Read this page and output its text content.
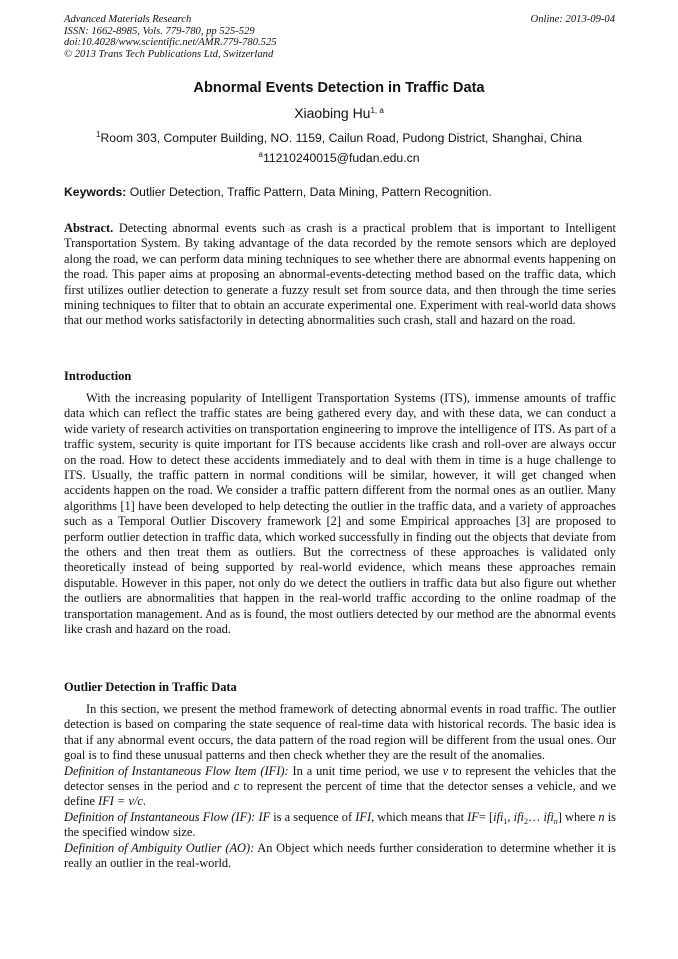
Advanced Materials Research
ISSN: 1662-8985, Vols. 779-780, pp 525-529
doi:10.4028/www.scientific.net/AMR.779-780.525
© 2013 Trans Tech Publications Ltd, Switzerland
Online: 2013-09-04
Abnormal Events Detection in Traffic Data
Xiaobing Hu$^{1, a}$
$^1$Room 303, Computer Building, NO. 1159, Cailun Road, Pudong District, Shanghai, China
$^a$11210240015@fudan.edu.cn
Keywords: Outlier Detection, Traffic Pattern, Data Mining, Pattern Recognition.

Abstract. Detecting abnormal events such as crash is a practical problem that is important to Intelligent Transportation System. By taking advantage of the data recorded by the remote sensors which are deployed along the road, we can perform data mining techniques to see whether there are abnormal events happening on the road. This paper aims at proposing an abnormal-events-detecting method based on the traffic data, which first utilizes outlier detection to generate a fuzzy result set from source data, and then through the time series mining techniques to filter that to obtain an accurate experimental one. Experiment with real-world data shows that our method works satisfactorily in detecting abnormalities such crash, stall and hazard on the road.

Introduction

With the increasing popularity of Intelligent Transportation Systems (ITS), immense amounts of traffic data which can reflect the traffic states are being gathered every day, and with these data, we can conduct a wide variety of research activities on transportation engineering to improve the intelligence of ITS. As part of a traffic system, security is quite important for ITS because accidents like crash and roll-over are always occur on the road. How to detect these accidents immediately and to deal with them in time is a huge challenge to ITS. Usually, the traffic pattern in normal conditions will be similar, however, it will get changed when accidents happen on the road. We consider a traffic pattern different from the normal ones as an outlier. Many algorithms [1] have been developed to help detecting the outlier in the traffic data, and a variety of approaches such as a Temporal Outlier Discovery framework [2] and some Empirical approaches [3] are proposed to perform outlier detection in traffic data, which worked successfully in finding out the objects that deviate from the others and then treat them as outliers. But the correctness of these approaches is validated only theoretically instead of being supported by real-world evidence, which means these approaches remain disputable. However in this paper, not only do we detect the outliers in traffic data but also figure out whether the outliers are abnormalities that happen in the real-world traffic according to the online roadmap of the transportation management. And as is found, the most outliers detected by our method are the abnormal events like crash and hazard on the road.

Outlier Detection in Traffic Data

In this section, we present the method framework of detecting abnormal events in road traffic. The outlier detection is based on comparing the state sequence of real-time data with historical records. The basic idea is that if any abnormal event occurs, the data pattern of the road region will be different from the usual ones. Our goal is to find these unusual patterns and then check whether they are the result of the anomalies.

Definition of Instantaneous Flow Item (IFI): In a unit time period, we use v to represent the vehicles that the detector senses in the period and c to represent the percent of time that the detector senses a vehicle, and we define IFI = v/c.

Definition of Instantaneous Flow (IF): IF is a sequence of IFI, which means that IF= [ifi$_1$, ifi$_2$… ifi$_n$] where n is the specified window size.

Definition of Ambiguity Outlier (AO): An Object which needs further consideration to determine whether it is really an outlier in the real-world.
